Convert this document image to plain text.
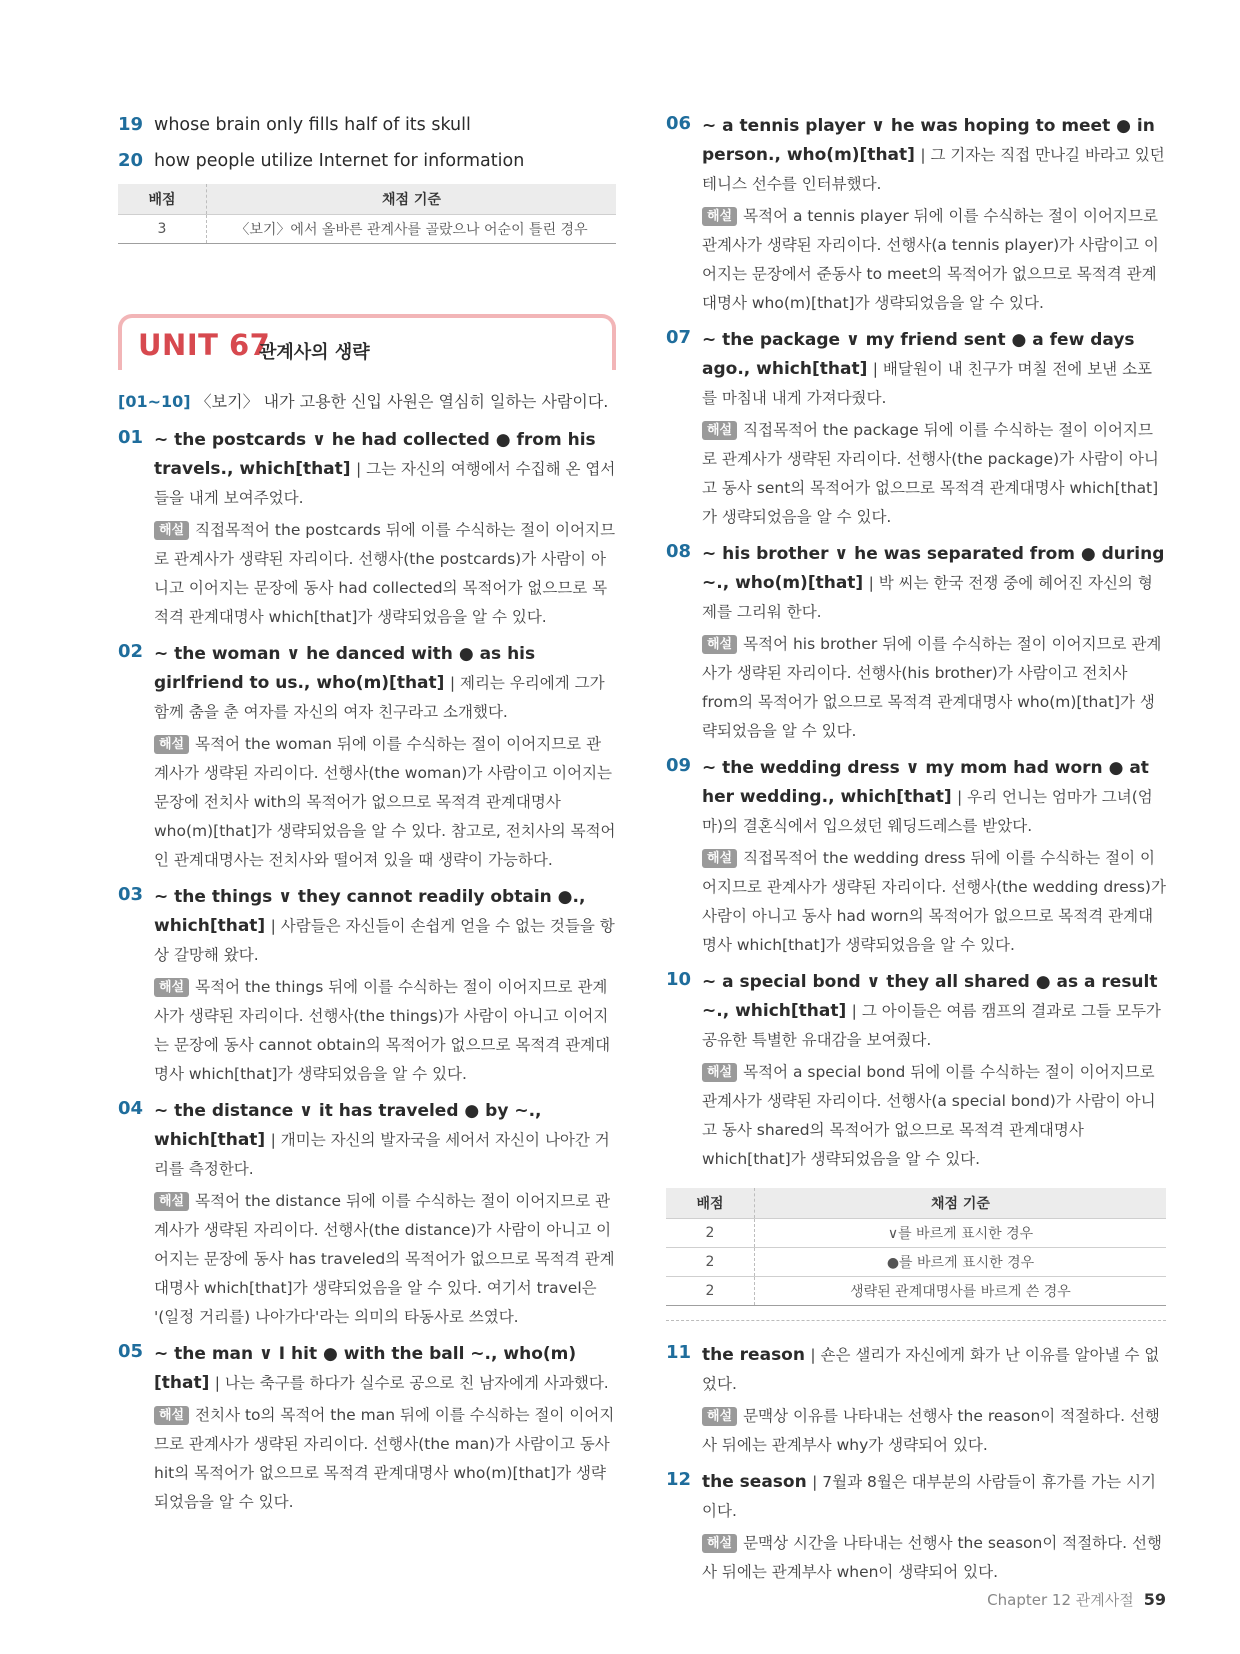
19 whose brain only fills half of its skull
20 how people utilize Internet for information
배점	채점 기준
3	〈보기〉에서 올바른 관계사를 골랐으나 어순이 틀린 경우
UNIT 67
관계사의 생략
[01~10] 〈보기〉 내가 고용한 신입 사원은 열심히 일하는 사람이다.
01 ~ the postcards ∨ he had collected ● from his travels., which[that] | 그는 자신의 여행에서 수집해 온 엽서들을 내게 보여주었다.
해설 직접목적어 the postcards 뒤에 이를 수식하는 절이 이어지므로 관계사가 생략된 자리이다. 선행사(the postcards)가 사람이 아니고 이어지는 문장에 동사 had collected의 목적어가 없으므로 목적격 관계대명사 which[that]가 생략되었음을 알 수 있다.
02 ~ the woman ∨ he danced with ● as his girlfriend to us., who(m)[that] | 제리는 우리에게 그가 함께 춤을 춘 여자를 자신의 여자 친구라고 소개했다.
해설 목적어 the woman 뒤에 이를 수식하는 절이 이어지므로 관계사가 생략된 자리이다. 선행사(the woman)가 사람이고 이어지는 문장에 전치사 with의 목적어가 없으므로 목적격 관계대명사 who(m)[that]가 생략되었음을 알 수 있다. 참고로, 전치사의 목적어인 관계대명사는 전치사와 떨어져 있을 때 생략이 가능하다.
03 ~ the things ∨ they cannot readily obtain ●., which[that] | 사람들은 자신들이 손쉽게 얻을 수 없는 것들을 항상 갈망해 왔다.
해설 목적어 the things 뒤에 이를 수식하는 절이 이어지므로 관계사가 생략된 자리이다. 선행사(the things)가 사람이 아니고 이어지는 문장에 동사 cannot obtain의 목적어가 없으므로 목적격 관계대명사 which[that]가 생략되었음을 알 수 있다.
04 ~ the distance ∨ it has traveled ● by ~., which[that] | 개미는 자신의 발자국을 세어서 자신이 나아간 거리를 측정한다.
해설 목적어 the distance 뒤에 이를 수식하는 절이 이어지므로 관계사가 생략된 자리이다. 선행사(the distance)가 사람이 아니고 이어지는 문장에 동사 has traveled의 목적어가 없으므로 목적격 관계대명사 which[that]가 생략되었음을 알 수 있다. 여기서 travel은 '(일정 거리를) 나아가다'라는 의미의 타동사로 쓰였다.
05 ~ the man ∨ I hit ● with the ball ~., who(m)[that] | 나는 축구를 하다가 실수로 공으로 친 남자에게 사과했다.
해설 전치사 to의 목적어 the man 뒤에 이를 수식하는 절이 이어지므로 관계사가 생략된 자리이다. 선행사(the man)가 사람이고 동사 hit의 목적어가 없으므로 목적격 관계대명사 who(m)[that]가 생략되었음을 알 수 있다.
06 ~ a tennis player ∨ he was hoping to meet ● in person., who(m)[that] | 그 기자는 직접 만나길 바라고 있던 테니스 선수를 인터뷰했다.
해설 목적어 a tennis player 뒤에 이를 수식하는 절이 이어지므로 관계사가 생략된 자리이다. 선행사(a tennis player)가 사람이고 이어지는 문장에서 준동사 to meet의 목적어가 없으므로 목적격 관계대명사 who(m)[that]가 생략되었음을 알 수 있다.
07 ~ the package ∨ my friend sent ● a few days ago., which[that] | 배달원이 내 친구가 며칠 전에 보낸 소포를 마침내 내게 가져다줬다.
해설 직접목적어 the package 뒤에 이를 수식하는 절이 이어지므로 관계사가 생략된 자리이다. 선행사(the package)가 사람이 아니고 동사 sent의 목적어가 없으므로 목적격 관계대명사 which[that]가 생략되었음을 알 수 있다.
08 ~ his brother ∨ he was separated from ● during ~., who(m)[that] | 박 씨는 한국 전쟁 중에 헤어진 자신의 형제를 그리워 한다.
해설 목적어 his brother 뒤에 이를 수식하는 절이 이어지므로 관계사가 생략된 자리이다. 선행사(his brother)가 사람이고 전치사 from의 목적어가 없으므로 목적격 관계대명사 who(m)[that]가 생략되었음을 알 수 있다.
09 ~ the wedding dress ∨ my mom had worn ● at her wedding., which[that] | 우리 언니는 엄마가 그녀(엄마)의 결혼식에서 입으셨던 웨딩드레스를 받았다.
해설 직접목적어 the wedding dress 뒤에 이를 수식하는 절이 이어지므로 관계사가 생략된 자리이다. 선행사(the wedding dress)가 사람이 아니고 동사 had worn의 목적어가 없으므로 목적격 관계대명사 which[that]가 생략되었음을 알 수 있다.
10 ~ a special bond ∨ they all shared ● as a result ~., which[that] | 그 아이들은 여름 캠프의 결과로 그들 모두가 공유한 특별한 유대감을 보여줬다.
해설 목적어 a special bond 뒤에 이를 수식하는 절이 이어지므로 관계사가 생략된 자리이다. 선행사(a special bond)가 사람이 아니고 동사 shared의 목적어가 없으므로 목적격 관계대명사 which[that]가 생략되었음을 알 수 있다.
배점	채점 기준
2	∨를 바르게 표시한 경우
2	●를 바르게 표시한 경우
2	생략된 관계대명사를 바르게 쓴 경우
11 the reason | 숀은 샐리가 자신에게 화가 난 이유를 알아낼 수 없었다.
해설 문맥상 이유를 나타내는 선행사 the reason이 적절하다. 선행사 뒤에는 관계부사 why가 생략되어 있다.
12 the season | 7월과 8월은 대부분의 사람들이 휴가를 가는 시기이다.
해설 문맥상 시간을 나타내는 선행사 the season이 적절하다. 선행사 뒤에는 관계부사 when이 생략되어 있다.
Chapter 12 관계사절 59
